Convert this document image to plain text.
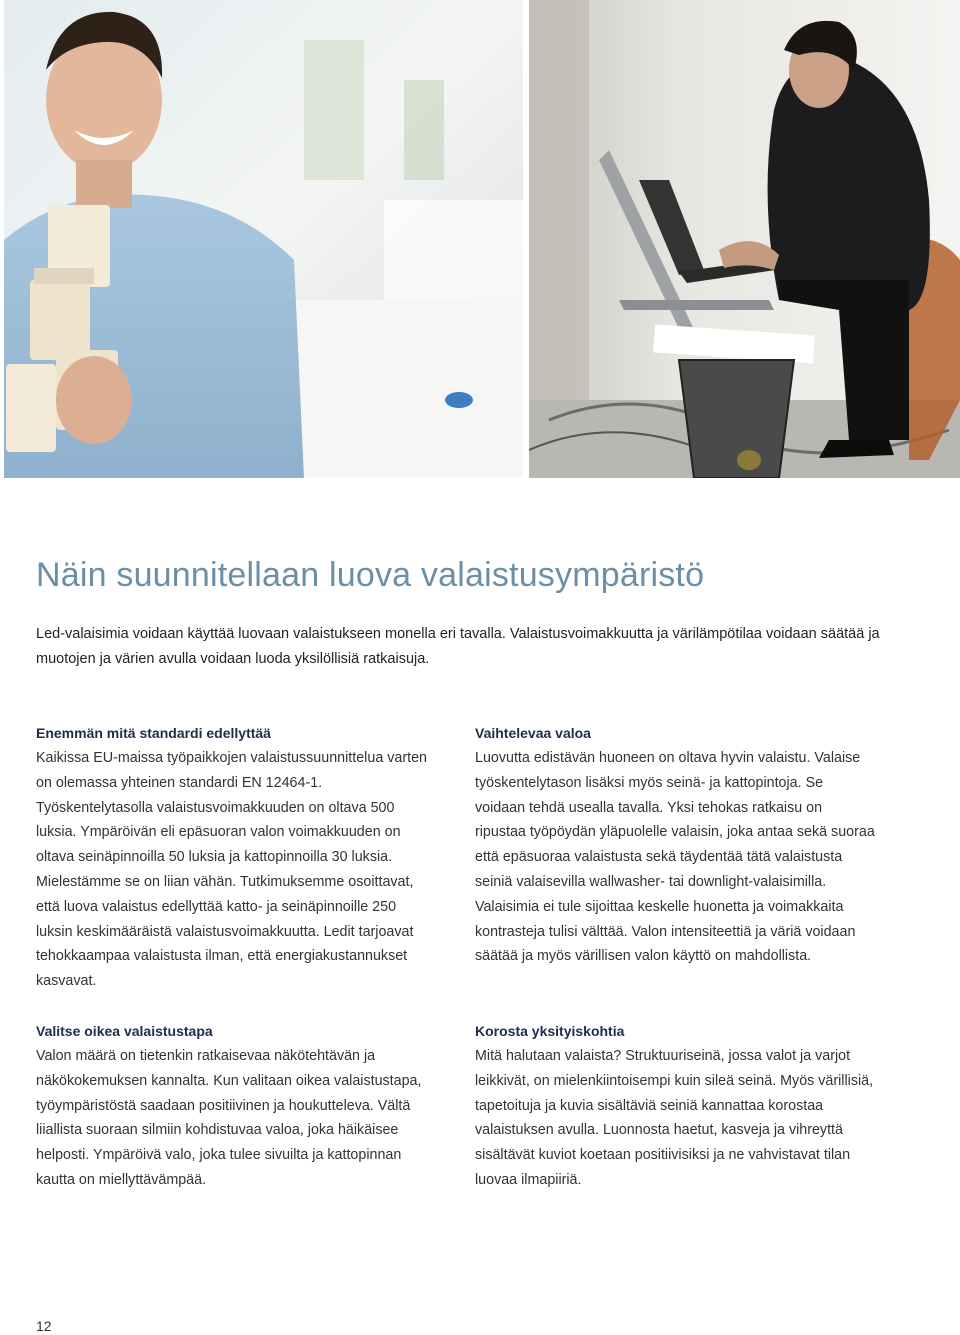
Näin suunnitellaan luova valaistusympäristö

Led-valaisimia voidaan käyttää luovaan valaistukseen monella eri tavalla. Valaistusvoimakkuutta ja värilämpötilaa voidaan säätää ja muotojen ja värien avulla voidaan luoda yksilöllisiä ratkaisuja.

Enemmän mitä standardi edellyttää

Kaikissa EU-maissa työpaikkojen valaistussuunnittelua varten on olemassa yhteinen standardi EN 12464-1. Työskentelytasolla valaistusvoimakkuuden on oltava 500 luksia. Ympäröivän eli epäsuoran valon voimakkuuden on oltava seinäpinnoilla 50 luksia ja kattopinnoilla 30 luksia. Mielestämme se on liian vähän. Tutkimuksemme osoittavat, että luova valaistus edellyttää katto- ja seinäpinnoille 250 luksin keskimääräistä valaistusvoimakkuutta. Ledit tarjoavat tehokkaampaa valaistusta ilman, että energiakustannukset kasvavat.

Vaihtelevaa valoa

Luovutta edistävän huoneen on oltava hyvin valaistu. Valaise työskentelytason lisäksi myös seinä- ja kattopintoja. Se voidaan tehdä usealla tavalla. Yksi tehokas ratkaisu on ripustaa työpöydän yläpuolelle valaisin, joka antaa sekä suoraa että epäsuoraa valaistusta sekä täydentää tätä valaistusta seiniä valaisevilla wallwasher- tai downlight-valaisimilla. Valaisimia ei tule sijoittaa keskelle huonetta ja voimakkaita kontrasteja tulisi välttää. Valon intensiteettiä ja väriä voidaan säätää ja myös värillisen valon käyttö on mahdollista.

Valitse oikea valaistustapa

Valon määrä on tietenkin ratkaisevaa näkötehtävän ja näkökokemuksen kannalta. Kun valitaan oikea valaistustapa, työympäristöstä saadaan positiivinen ja houkutteleva. Vältä liiallista suoraan silmiin kohdistuvaa valoa, joka häikäisee helposti. Ympäröivä valo, joka tulee sivuilta ja kattopinnan kautta on miellyttävämpää.

Korosta yksityiskohtia

Mitä halutaan valaista? Struktuuriseinä, jossa valot ja varjot leikkivät, on mielenkiintoisempi kuin sileä seinä. Myös värillisiä, tapetoituja ja kuvia sisältäviä seiniä kannattaa korostaa valaistuksen avulla. Luonnosta haetut, kasveja ja vihreyttä sisältävät kuviot koetaan positiivisiksi ja ne vahvistavat tilan luovaa ilmapiiriä.

12
